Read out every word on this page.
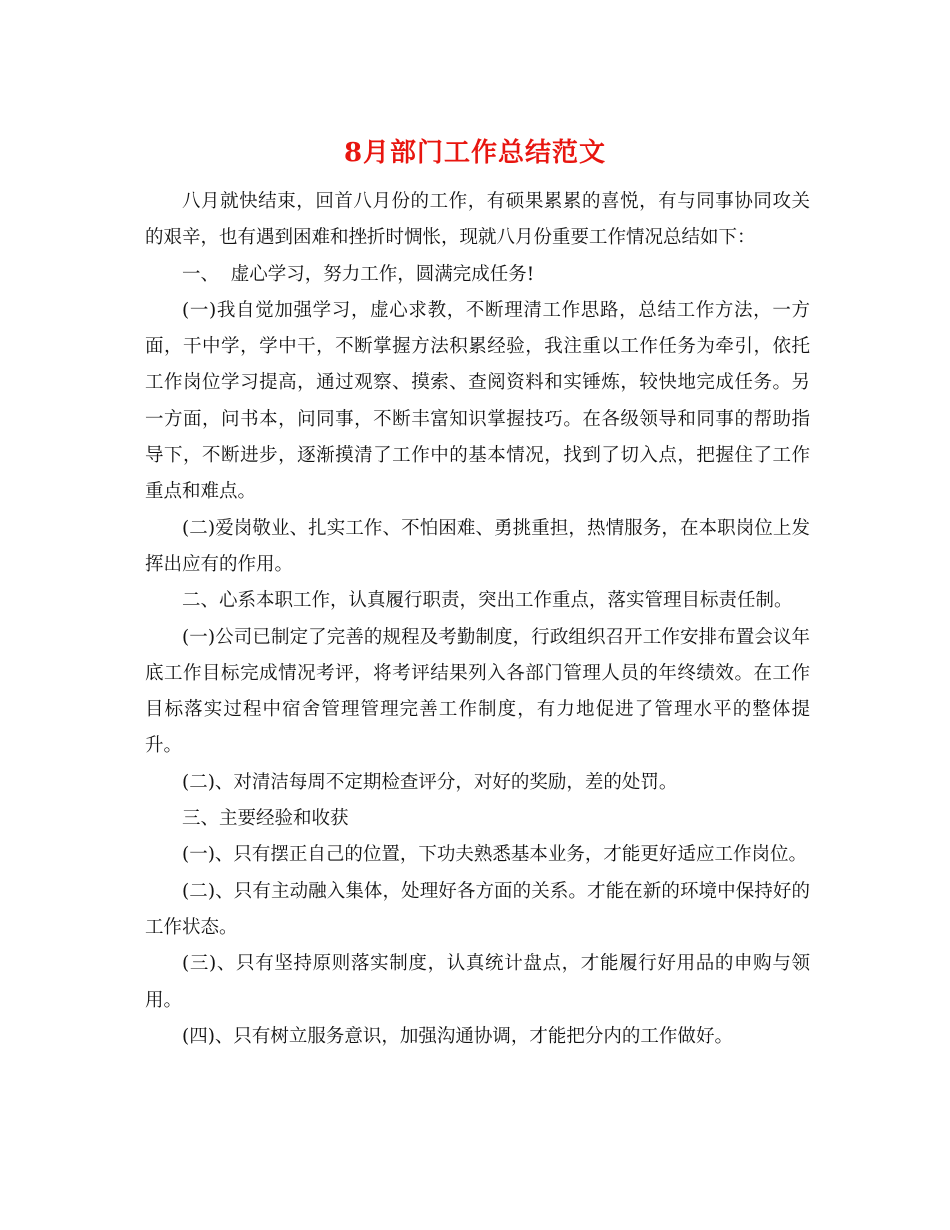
8月部门工作总结范文

八月就快结束，回首八月份的工作，有硕果累累的喜悦，有与同事协同攻关的艰辛，也有遇到困难和挫折时惆怅，现就八月份重要工作情况总结如下：

一、  虚心学习，努力工作，圆满完成任务!

(一)我自觉加强学习，虚心求教，不断理清工作思路，总结工作方法，一方面，干中学，学中干，不断掌握方法积累经验，我注重以工作任务为牵引，依托工作岗位学习提高，通过观察、摸索、查阅资料和实锤炼，较快地完成任务。另一方面，问书本，问同事，不断丰富知识掌握技巧。在各级领导和同事的帮助指导下，不断进步，逐渐摸清了工作中的基本情况，找到了切入点，把握住了工作重点和难点。

(二)爱岗敬业、扎实工作、不怕困难、勇挑重担，热情服务，在本职岗位上发挥出应有的作用。

二、心系本职工作，认真履行职责，突出工作重点，落实管理目标责任制。

(一)公司已制定了完善的规程及考勤制度，行政组织召开工作安排布置会议年底工作目标完成情况考评，将考评结果列入各部门管理人员的年终绩效。在工作目标落实过程中宿舍管理管理完善工作制度，有力地促进了管理水平的整体提升。

(二)、对清洁每周不定期检查评分，对好的奖励，差的处罚。

三、主要经验和收获

(一)、只有摆正自己的位置，下功夫熟悉基本业务，才能更好适应工作岗位。

(二)、只有主动融入集体，处理好各方面的关系。才能在新的环境中保持好的工作状态。

(三)、只有坚持原则落实制度，认真统计盘点，才能履行好用品的申购与领用。

(四)、只有树立服务意识，加强沟通协调，才能把分内的工作做好。
